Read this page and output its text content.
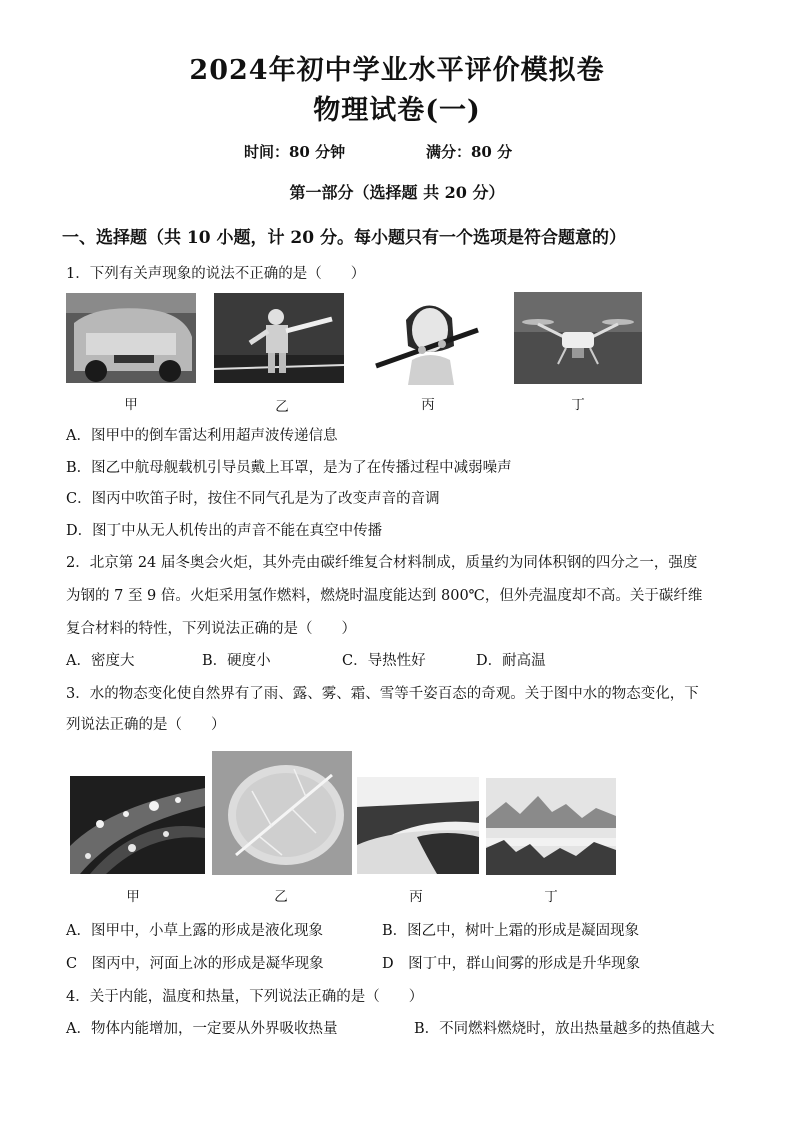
2024年初中学业水平评价模拟卷
物理试卷(一)
时间：80 分钟	满分：80 分
第一部分（选择题 共 20 分）
一、选择题（共 10 小题，计 20 分。每小题只有一个选项是符合题意的）
1．下列有关声现象的说法不正确的是（　　）
甲	乙	丙	丁
A．图甲中的倒车雷达利用超声波传递信息
B．图乙中航母舰载机引导员戴上耳罩，是为了在传播过程中减弱噪声
C．图丙中吹笛子时，按住不同气孔是为了改变声音的音调
D．图丁中从无人机传出的声音不能在真空中传播
2．北京第 24 届冬奥会火炬，其外壳由碳纤维复合材料制成，质量约为同体积钢的四分之一，强度
为钢的 7 至 9 倍。火炬采用氢作燃料，燃烧时温度能达到 800℃，但外壳温度却不高。关于碳纤维
复合材料的特性，下列说法正确的是（　　）
A．密度大	B．硬度小	C．导热性好	D．耐高温
3．水的物态变化使自然界有了雨、露、雾、霜、雪等千姿百态的奇观。关于图中水的物态变化，下
列说法正确的是（　　）
甲	乙	丙	丁
A．图甲中，小草上露的形成是液化现象	B．图乙中，树叶上霜的形成是凝固现象
C　图丙中，河面上冰的形成是凝华现象	D　图丁中，群山间雾的形成是升华现象
4．关于内能，温度和热量，下列说法正确的是（　　）
A．物体内能增加，一定要从外界吸收热量	B．不同燃料燃烧时，放出热量越多的热值越大
